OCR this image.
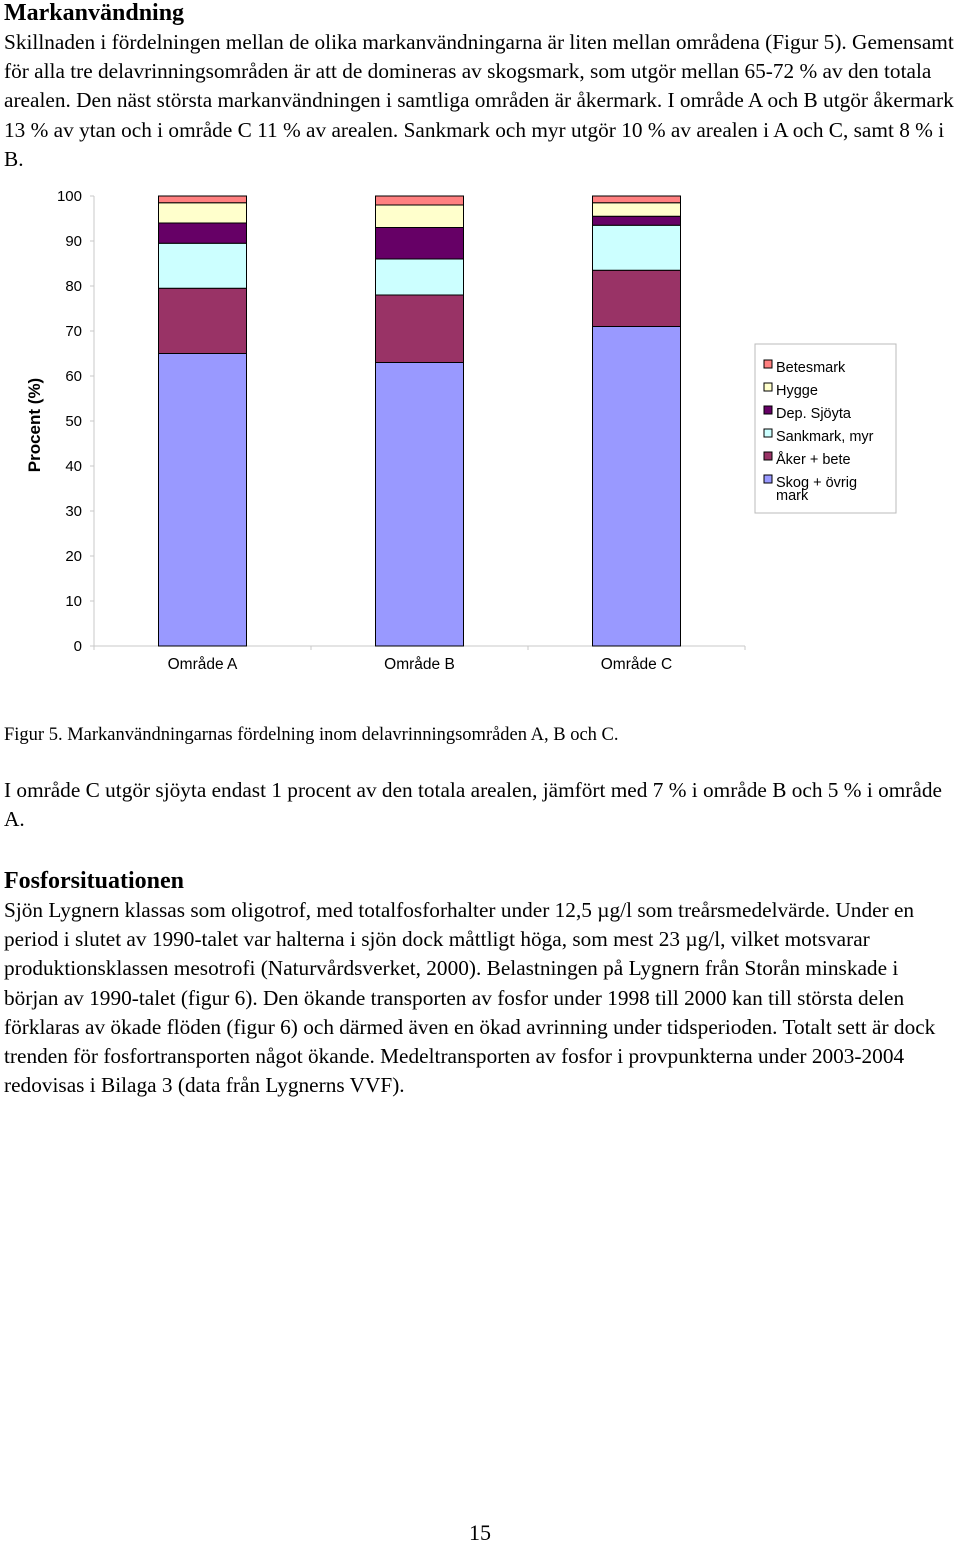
Markanvändning

Skillnaden i fördelningen mellan de olika markanvändningarna är liten mellan områdena (Figur 5). Gemensamt för alla tre delavrinningsområden är att de domineras av skogsmark, som utgör mellan 65-72 % av den totala arealen. Den näst största markanvändningen i samtliga områden är åkermark. I område A och B utgör åkermark 13 % av ytan och i område C 11 % av arealen. Sankmark och myr utgör 10 % av arealen i A och C, samt 8 % i B.

0
10
20
30
40
50
60
70
80
90
100
Område A	Område B	Område C
Betesmark
Hygge
Dep. Sjöyta
Sankmark, myr
Åker + bete
Skog + övrig mark
Procent (%)

Figur 5. Markanvändningarnas fördelning inom delavrinningsområden A, B och C.

I område C utgör sjöyta endast 1 procent av den totala arealen, jämfört med 7 % i område B och 5 % i område A.

Fosforsituationen

Sjön Lygnern klassas som oligotrof, med totalfosforhalter under 12,5 µg/l som treårsmedelvärde. Under en period i slutet av 1990-talet var halterna i sjön dock måttligt höga, som mest 23 µg/l, vilket motsvarar produktionsklassen mesotrofi (Naturvårdsverket, 2000). Belastningen på Lygnern från Storån minskade i början av 1990-talet (figur 6). Den ökande transporten av fosfor under 1998 till 2000 kan till största delen förklaras av ökade flöden (figur 6) och därmed även en ökad avrinning under tidsperioden. Totalt sett är dock trenden för fosfortransporten något ökande. Medeltransporten av fosfor i provpunkterna under 2003-2004 redovisas i Bilaga 3 (data från Lygnerns VVF).

15
